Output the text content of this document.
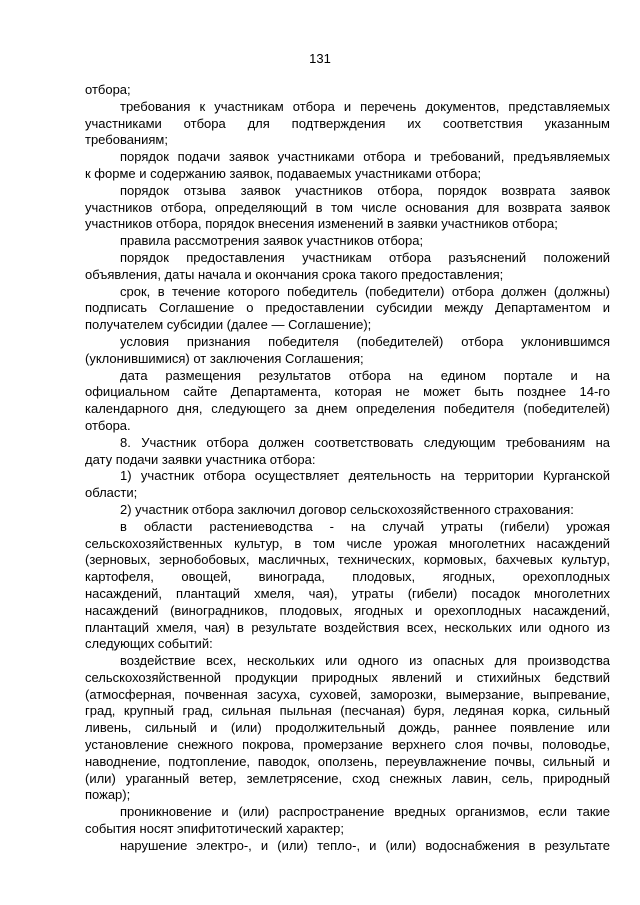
131
отбора;
требования к участникам отбора и перечень документов, представляемых
участниками отбора для подтверждения их соответствия указанным
требованиям;
порядок подачи заявок участниками отбора и требований, предъявляемых
к форме и содержанию заявок, подаваемых участниками отбора;
порядок отзыва заявок участников отбора, порядок возврата заявок
участников отбора, определяющий в том числе основания для возврата заявок
участников отбора, порядок внесения изменений в заявки участников отбора;
правила рассмотрения заявок участников отбора;
порядок предоставления участникам отбора разъяснений положений
объявления, даты начала и окончания срока такого предоставления;
срок, в течение которого победитель (победители) отбора должен (должны)
подписать Соглашение о предоставлении субсидии между Департаментом и
получателем субсидии (далее — Соглашение);
условия признания победителя (победителей) отбора уклонившимся
(уклонившимися) от заключения Соглашения;
дата размещения результатов отбора на едином портале и на
официальном сайте Департамента, которая не может быть позднее 14-го
календарного дня, следующего за днем определения победителя (победителей)
отбора.
8. Участник отбора должен соответствовать следующим требованиям на
дату подачи заявки участника отбора:
1) участник отбора осуществляет деятельность на территории Курганской
области;
2) участник отбора заключил договор сельскохозяйственного страхования:
в области растениеводства - на случай утраты (гибели) урожая
сельскохозяйственных культур, в том числе урожая многолетних насаждений
(зерновых, зернобобовых, масличных, технических, кормовых, бахчевых культур,
картофеля, овощей, винограда, плодовых, ягодных, орехоплодных
насаждений, плантаций хмеля, чая), утраты (гибели) посадок многолетних
насаждений (виноградников, плодовых, ягодных и орехоплодных насаждений,
плантаций хмеля, чая) в результате воздействия всех, нескольких или одного из
следующих событий:
воздействие всех, нескольких или одного из опасных для производства
сельскохозяйственной продукции природных явлений и стихийных бедствий
(атмосферная, почвенная засуха, суховей, заморозки, вымерзание, выпревание,
град, крупный град, сильная пыльная (песчаная) буря, ледяная корка, сильный
ливень, сильный и (или) продолжительный дождь, раннее появление или
установление снежного покрова, промерзание верхнего слоя почвы, половодье,
наводнение, подтопление, паводок, оползень, переувлажнение почвы, сильный и
(или) ураганный ветер, землетрясение, сход снежных лавин, сель, природный
пожар);
проникновение и (или) распространение вредных организмов, если такие
события носят эпифитотический характер;
нарушение электро-, и (или) тепло-, и (или) водоснабжения в результате
